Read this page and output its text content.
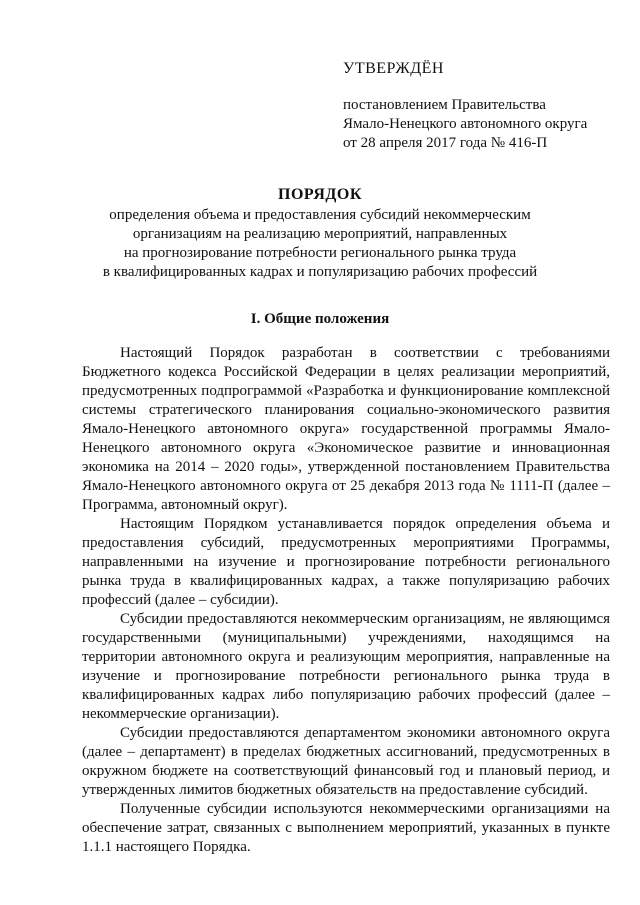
УТВЕРЖДЁН
постановлением Правительства
Ямало-Ненецкого автономного округа
от 28 апреля 2017 года № 416-П
ПОРЯДОК
определения объема и предоставления субсидий некоммерческим
организациям на реализацию мероприятий, направленных
на прогнозирование потребности регионального рынка труда
в квалифицированных кадрах и популяризацию рабочих профессий
I. Общие положения

Настоящий Порядок разработан в соответствии с требованиями Бюджетного кодекса Российской Федерации в целях реализации мероприятий, предусмотренных подпрограммой «Разработка и функционирование комплексной системы стратегического планирования социально-экономического развития Ямало-Ненецкого автономного округа» государственной программы Ямало-Ненецкого автономного округа «Экономическое развитие и инновационная экономика на 2014 – 2020 годы», утвержденной постановлением Правительства Ямало-Ненецкого автономного округа от 25 декабря 2013 года № 1111-П (далее – Программа, автономный округ).

Настоящим Порядком устанавливается порядок определения объема и предоставления субсидий, предусмотренных мероприятиями Программы, направленными на изучение и прогнозирование потребности регионального рынка труда в квалифицированных кадрах, а также популяризацию рабочих профессий (далее – субсидии).

Субсидии предоставляются некоммерческим организациям, не являющимся государственными (муниципальными) учреждениями, находящимся на территории автономного округа и реализующим мероприятия, направленные на изучение и прогнозирование потребности регионального рынка труда в квалифицированных кадрах либо популяризацию рабочих профессий (далее – некоммерческие организации).

Субсидии предоставляются департаментом экономики автономного округа (далее – департамент) в пределах бюджетных ассигнований, предусмотренных в окружном бюджете на соответствующий финансовый год и плановый период, и утвержденных лимитов бюджетных обязательств на предоставление субсидий.

Полученные субсидии используются некоммерческими организациями на обеспечение затрат, связанных с выполнением мероприятий, указанных в пункте 1.1.1 настоящего Порядка.
